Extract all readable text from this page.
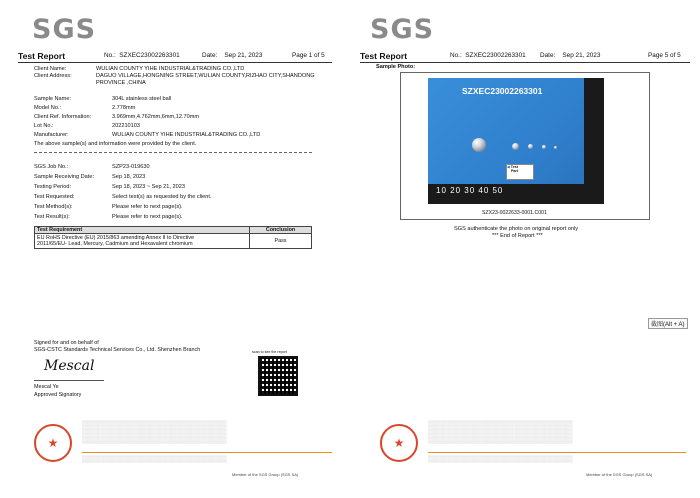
SGS
Test Report	No.: SZXEC23002263301	Date: Sep 21, 2023	Page 1 of 5
Client Name:	WULIAN COUNTY YIHE INDUSTRIAL&TRADING CO.,LTD
Client Address:	DAGUO VILLAGE,HONGNING STREET,WULIAN COUNTY,RIZHAO CITY,SHANDONG
PROVINCE ,CHINA
Sample Name:	304L stainless steel ball
Model No.:	2.778mm
Client Ref. Information:	3.969mm,4.762mm,6mm,12.70mm
Lot No.:	202210103
Manufacturer:	WULIAN COUNTY YIHE INDUSTRIAL&TRADING CO.,LTD
The above sample(s) and information were provided by the client.
SGS Job No.:	SZP23-019630
Sample Receiving Date:	Sep 18, 2023
Testing Period:	Sep 18, 2023 ~ Sep 21, 2023
Test Requested:	Select test(s) as requested by the client.
Test Method(s):	Please refer to next page(s).
Test Result(s):	Please refer to next page(s).
Test Requirement	Conclusion
EU RoHS Directive (EU) 2015/863 amending Annex II to Directive
2011/65/EU- Lead, Mercury, Cadmium and Hexavalent chromium	Pass
Signed for and on behalf of
SGS-CSTC Standards Technical Services Co., Ltd. Shenzhen Branch
Mescal
Mescal Ye
Approved Signatory
scan to see the report
★
░░░░░░░░░░░░░░░░░░░░░░░░░░░░░░░░░░░░░░░░░░░░░░░░░░░░░░░░░░░░░░░░
░░░░░░░░░░░░░░░░░░░░░░░░░░░░░░░░░░░░░░░░░░░░░░░░░░░░░░░░░░░░░░░░
░░░░░░░░░░░░░░░░░░░░░░░░░░░░░░░░░░░░░░░░░░░░░░░░░░░░░░░░░░░░░░░░
░░░░░░░░░░░░░░░░░░░░░░░░░░░░░░░░░░░░░░░░░░░░░░░░░░░░░░░░░░░░░░░░
░░░░░░░░░░░░░░░░░░░░░░░░░░░░░░░░░░░░░░░░░░░░░░░░░░░░░░░░░░░░░░░░
░░░░░░░░░░░░░░░░░░░░░░░░░░░░░░░░░░░░░░░░░░░░░░░░░░░░░░░░░░░░░░░░
░░░░░░░░░░░░░░░░░░░░░░░░░░░░░░░░░░░░░░░░░░░░░░░░░░░░░░░░░░░░░░░░
░░░░░░░░░░░░░░░░░░░░░░░░░░░░░░░░░░░░░░░░░░░░░░░░░░░░░░░░░░░░░░░░
Member of the SGS Group (SGS SA)
SGS
Test Report	No.: SZXEC23002263301 Date: Sep 21, 2023	Page 5 of 5
Sample Photo:
SZXEC23002263301
10 20 30 40 50
◀ Test
Part
SZX23-0022633-0001.C001
SGS authenticate the photo on original report only
*** End of Report ***
截图(Alt + A)
★
░░░░░░░░░░░░░░░░░░░░░░░░░░░░░░░░░░░░░░░░░░░░░░░░░░░░░░░░░░░░░░░░
░░░░░░░░░░░░░░░░░░░░░░░░░░░░░░░░░░░░░░░░░░░░░░░░░░░░░░░░░░░░░░░░
░░░░░░░░░░░░░░░░░░░░░░░░░░░░░░░░░░░░░░░░░░░░░░░░░░░░░░░░░░░░░░░░
░░░░░░░░░░░░░░░░░░░░░░░░░░░░░░░░░░░░░░░░░░░░░░░░░░░░░░░░░░░░░░░░
░░░░░░░░░░░░░░░░░░░░░░░░░░░░░░░░░░░░░░░░░░░░░░░░░░░░░░░░░░░░░░░░
░░░░░░░░░░░░░░░░░░░░░░░░░░░░░░░░░░░░░░░░░░░░░░░░░░░░░░░░░░░░░░░░
░░░░░░░░░░░░░░░░░░░░░░░░░░░░░░░░░░░░░░░░░░░░░░░░░░░░░░░░░░░░░░░░
░░░░░░░░░░░░░░░░░░░░░░░░░░░░░░░░░░░░░░░░░░░░░░░░░░░░░░░░░░░░░░░░
Member of the SGS Group (SGS SA)
